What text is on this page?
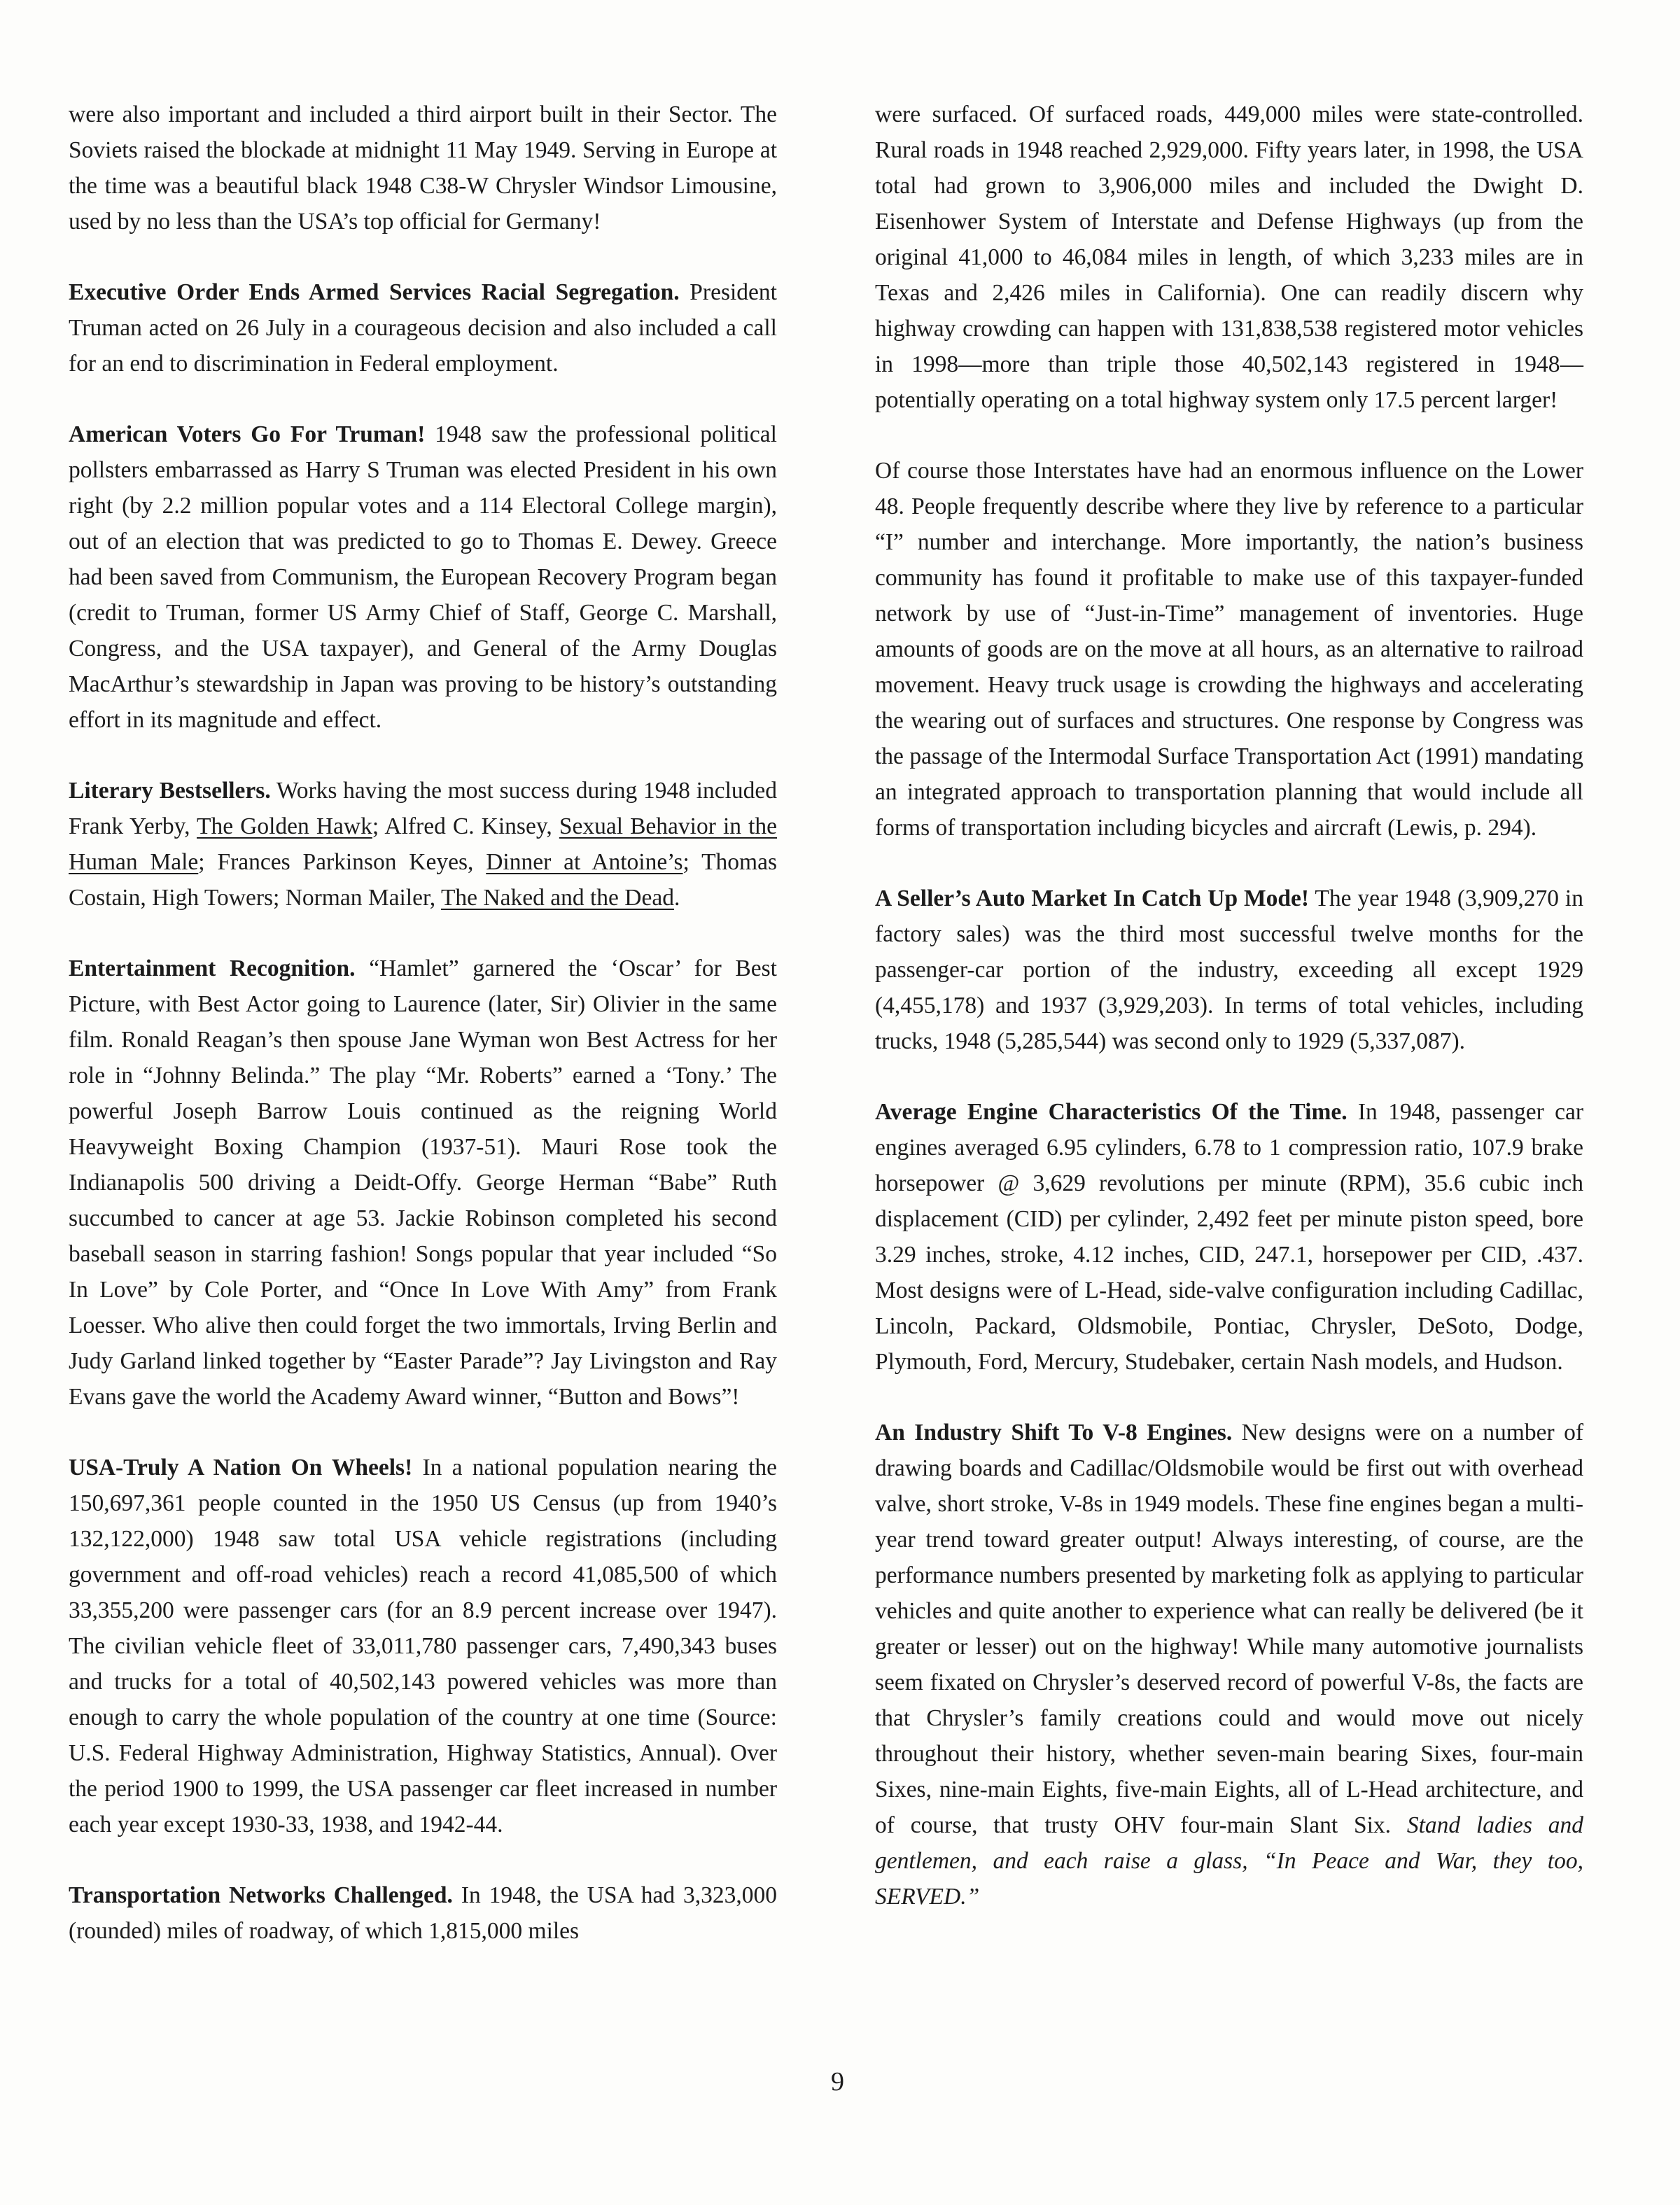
were also important and included a third airport built in their Sector. The Soviets raised the blockade at midnight 11 May 1949. Serving in Europe at the time was a beautiful black 1948 C38-W Chrysler Windsor Limousine, used by no less than the USA’s top official for Germany!

Executive Order Ends Armed Services Racial Segregation. President Truman acted on 26 July in a courageous decision and also included a call for an end to discrimination in Federal employment.

American Voters Go For Truman! 1948 saw the professional political pollsters embarrassed as Harry S Truman was elected President in his own right (by 2.2 million popular votes and a 114 Electoral College margin), out of an election that was predicted to go to Thomas E. Dewey. Greece had been saved from Communism, the European Recovery Program began (credit to Truman, former US Army Chief of Staff, George C. Marshall, Congress, and the USA taxpayer), and General of the Army Douglas MacArthur’s stewardship in Japan was proving to be history’s outstanding effort in its magnitude and effect.

Literary Bestsellers. Works having the most success during 1948 included Frank Yerby, The Golden Hawk; Alfred C. Kinsey, Sexual Behavior in the Human Male; Frances Parkinson Keyes, Dinner at Antoine’s; Thomas Costain, High Towers; Norman Mailer, The Naked and the Dead.

Entertainment Recognition. “Hamlet” garnered the ‘Oscar’ for Best Picture, with Best Actor going to Laurence (later, Sir) Olivier in the same film. Ronald Reagan’s then spouse Jane Wyman won Best Actress for her role in “Johnny Belinda.” The play “Mr. Roberts” earned a ‘Tony.’ The powerful Joseph Barrow Louis continued as the reigning World Heavyweight Boxing Champion (1937-51). Mauri Rose took the Indianapolis 500 driving a Deidt-Offy. George Herman “Babe” Ruth succumbed to cancer at age 53. Jackie Robinson completed his second baseball season in starring fashion! Songs popular that year included “So In Love” by Cole Porter, and “Once In Love With Amy” from Frank Loesser. Who alive then could forget the two immortals, Irving Berlin and Judy Garland linked together by “Easter Parade”? Jay Livingston and Ray Evans gave the world the Academy Award winner, “Button and Bows”!

USA-Truly A Nation On Wheels! In a national population nearing the 150,697,361 people counted in the 1950 US Census (up from 1940’s 132,122,000) 1948 saw total USA vehicle registrations (including government and off-road vehicles) reach a record 41,085,500 of which 33,355,200 were passenger cars (for an 8.9 percent increase over 1947). The civilian vehicle fleet of 33,011,780 passenger cars, 7,490,343 buses and trucks for a total of 40,502,143 powered vehicles was more than enough to carry the whole population of the country at one time (Source: U.S. Federal Highway Administration, Highway Statistics, Annual). Over the period 1900 to 1999, the USA passenger car fleet increased in number each year except 1930-33, 1938, and 1942-44.

Transportation Networks Challenged. In 1948, the USA had 3,323,000 (rounded) miles of roadway, of which 1,815,000 miles

were surfaced. Of surfaced roads, 449,000 miles were state-controlled. Rural roads in 1948 reached 2,929,000. Fifty years later, in 1998, the USA total had grown to 3,906,000 miles and included the Dwight D. Eisenhower System of Interstate and Defense Highways (up from the original 41,000 to 46,084 miles in length, of which 3,233 miles are in Texas and 2,426 miles in California). One can readily discern why highway crowding can happen with 131,838,538 registered motor vehicles in 1998—more than triple those 40,502,143 registered in 1948—potentially operating on a total highway system only 17.5 percent larger!

Of course those Interstates have had an enormous influence on the Lower 48. People frequently describe where they live by reference to a particular “I” number and interchange. More importantly, the nation’s business community has found it profitable to make use of this taxpayer-funded network by use of “Just-in-Time” management of inventories. Huge amounts of goods are on the move at all hours, as an alternative to railroad movement. Heavy truck usage is crowding the highways and accelerating the wearing out of surfaces and structures. One response by Congress was the passage of the Intermodal Surface Transportation Act (1991) mandating an integrated approach to transportation planning that would include all forms of transportation including bicycles and aircraft (Lewis, p. 294).

A Seller’s Auto Market In Catch Up Mode! The year 1948 (3,909,270 in factory sales) was the third most successful twelve months for the passenger-car portion of the industry, exceeding all except 1929 (4,455,178) and 1937 (3,929,203). In terms of total vehicles, including trucks, 1948 (5,285,544) was second only to 1929 (5,337,087).

Average Engine Characteristics Of the Time. In 1948, passenger car engines averaged 6.95 cylinders, 6.78 to 1 compression ratio, 107.9 brake horsepower @ 3,629 revolutions per minute (RPM), 35.6 cubic inch displacement (CID) per cylinder, 2,492 feet per minute piston speed, bore 3.29 inches, stroke, 4.12 inches, CID, 247.1, horsepower per CID, .437. Most designs were of L-Head, side-valve configuration including Cadillac, Lincoln, Packard, Oldsmobile, Pontiac, Chrysler, DeSoto, Dodge, Plymouth, Ford, Mercury, Studebaker, certain Nash models, and Hudson.

An Industry Shift To V-8 Engines. New designs were on a number of drawing boards and Cadillac/Oldsmobile would be first out with overhead valve, short stroke, V-8s in 1949 models. These fine engines began a multi-year trend toward greater output! Always interesting, of course, are the performance numbers presented by marketing folk as applying to particular vehicles and quite another to experience what can really be delivered (be it greater or lesser) out on the highway! While many automotive journalists seem fixated on Chrysler’s deserved record of powerful V-8s, the facts are that Chrysler’s family creations could and would move out nicely throughout their history, whether seven-main bearing Sixes, four-main Sixes, nine-main Eights, five-main Eights, all of L-Head architecture, and of course, that trusty OHV four-main Slant Six. Stand ladies and gentlemen, and each raise a glass, “In Peace and War, they too, SERVED.”

9
